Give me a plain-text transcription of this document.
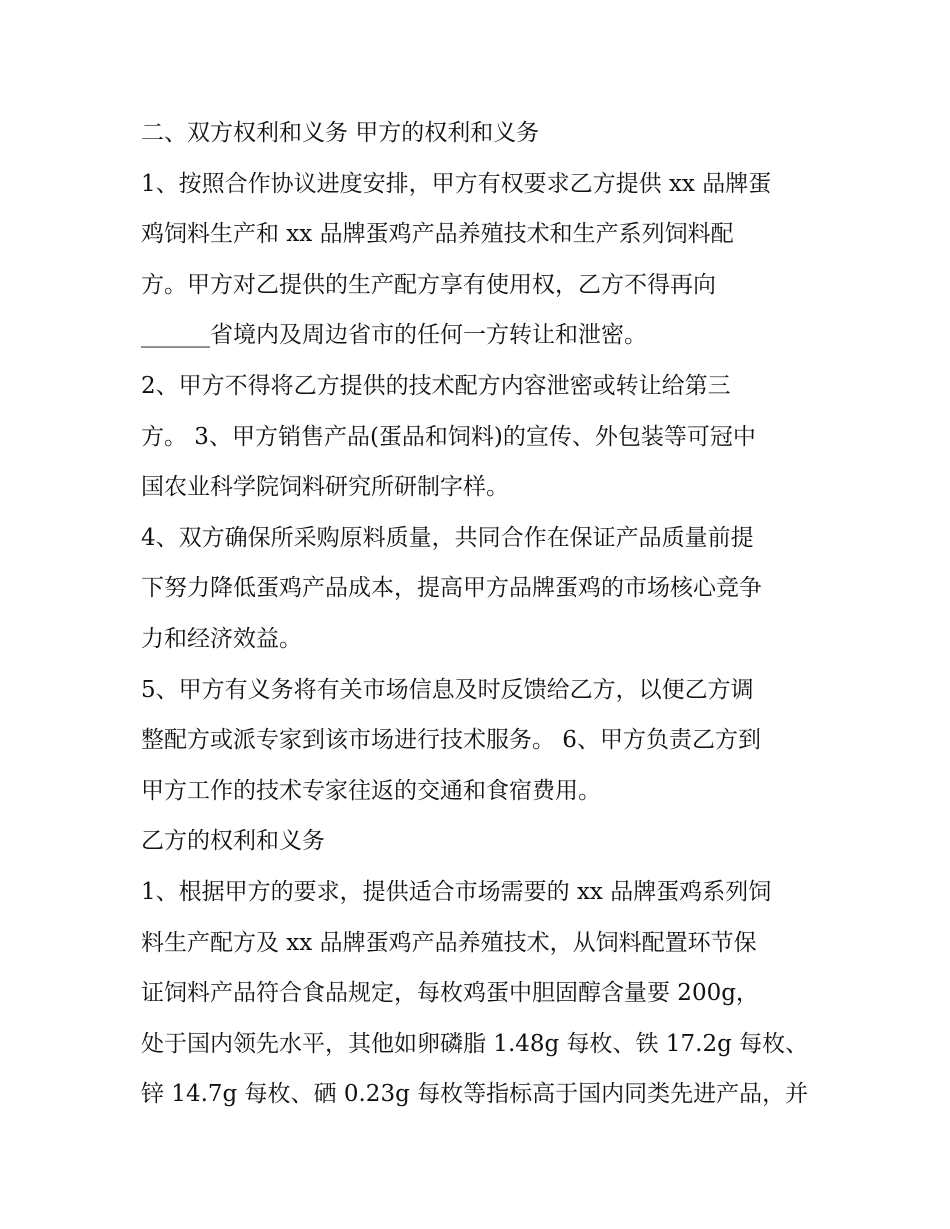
二、双方权利和义务 甲方的权利和义务
1、按照合作协议进度安排，甲方有权要求乙方提供 xx 品牌蛋
鸡饲料生产和 xx 品牌蛋鸡产品养殖技术和生产系列饲料配
方。甲方对乙提供的生产配方享有使用权，乙方不得再向
______省境内及周边省市的任何一方转让和泄密。
2、甲方不得将乙方提供的技术配方内容泄密或转让给第三
方。 3、甲方销售产品(蛋品和饲料)的宣传、外包装等可冠中
国农业科学院饲料研究所研制字样。
4、双方确保所采购原料质量，共同合作在保证产品质量前提
下努力降低蛋鸡产品成本，提高甲方品牌蛋鸡的市场核心竞争
力和经济效益。
5、甲方有义务将有关市场信息及时反馈给乙方，以便乙方调
整配方或派专家到该市场进行技术服务。 6、甲方负责乙方到
甲方工作的技术专家往返的交通和食宿费用。
乙方的权利和义务
1、根据甲方的要求，提供适合市场需要的 xx 品牌蛋鸡系列饲
料生产配方及 xx 品牌蛋鸡产品养殖技术，从饲料配置环节保
证饲料产品符合食品规定，每枚鸡蛋中胆固醇含量要 200g，
处于国内领先水平，其他如卵磷脂 1.48g 每枚、铁 17.2g 每枚、
锌 14.7g 每枚、硒 0.23g 每枚等指标高于国内同类先进产品，并
